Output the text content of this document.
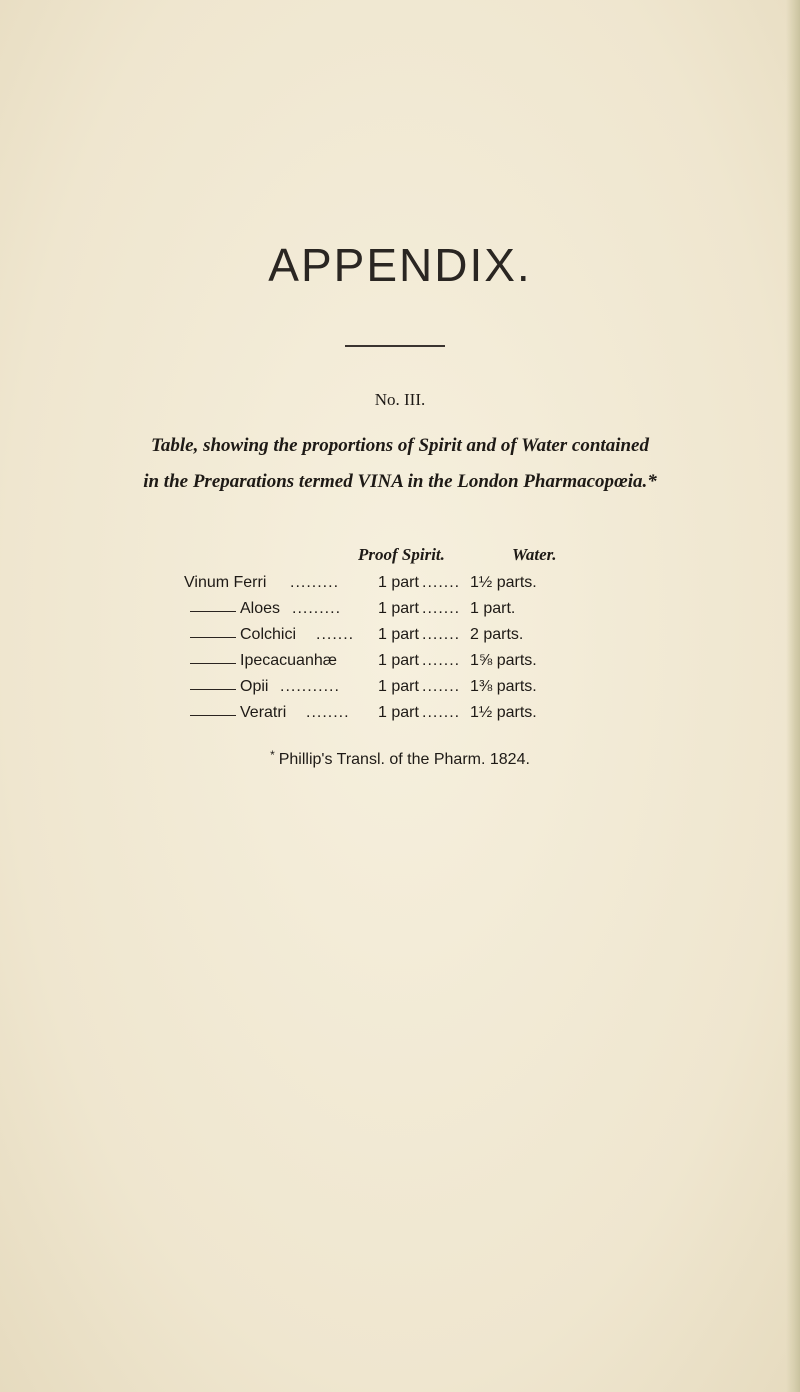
APPENDIX.
No. III.
Table, showing the proportions of Spirit and of Water contained
in the Preparations termed VINA in the London Pharmacopœia.*
Proof Spirit.	Water.
Vinum Ferri ......... 1 part ....... 1½ parts.
Aloes ......... 1 part ....... 1 part.
Colchici ....... 1 part ....... 2 parts.
Ipecacuanhæ	1 part ....... 1⅝ parts.
Opii ........... 1 part ....... 1⅜ parts.
Veratri ........ 1 part ....... 1½ parts.
* Phillip's Transl. of the Pharm. 1824.
